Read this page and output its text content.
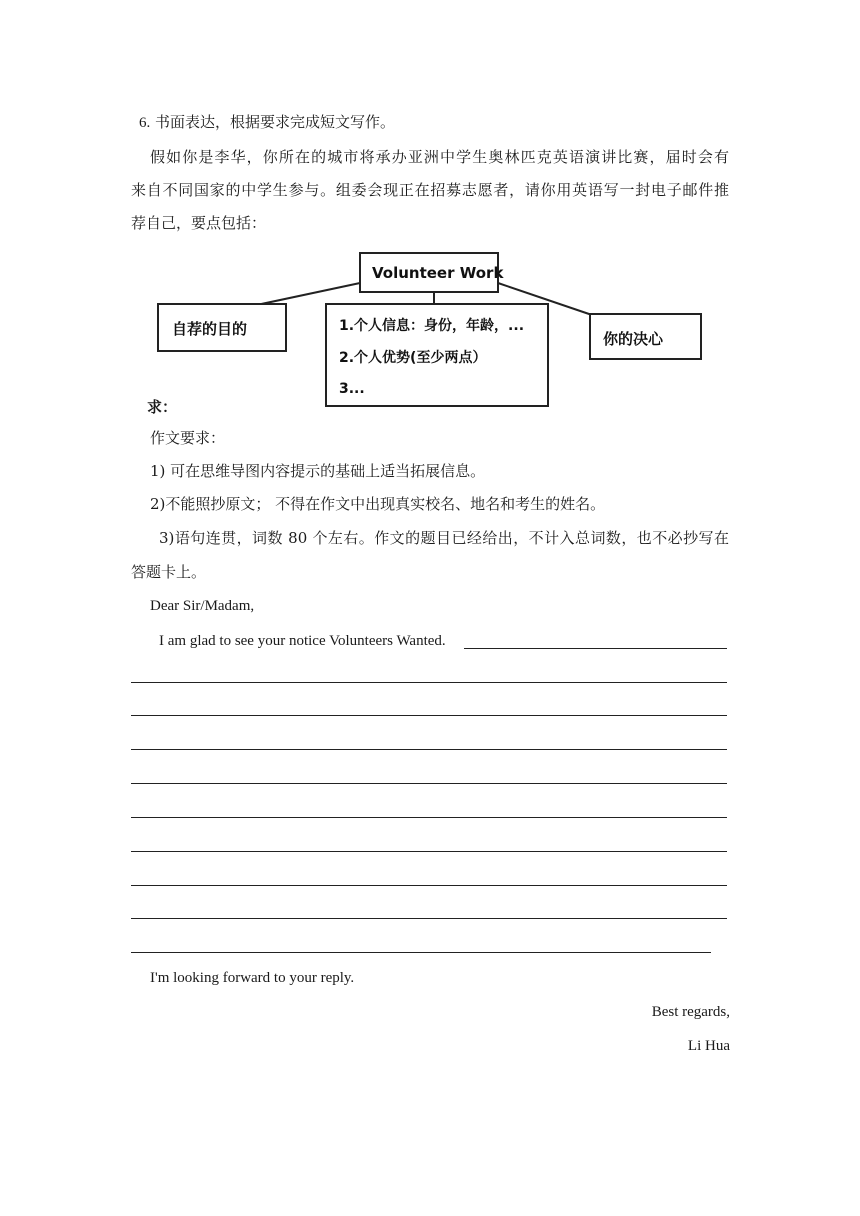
6. 书面表达，根据要求完成短文写作。
假如你是李华，你所在的城市将承办亚洲中学生奥林匹克英语演讲比赛，届时会有
来自不同国家的中学生参与。组委会现正在招募志愿者，请你用英语写一封电子邮件推
荐自己，要点包括：
Volunteer Work
自荐的目的	1.个人信息：身份，年龄，...
2.个人优势(至少两点）
3...
你的决心
求：
作文要求：
1) 可在思维导图内容提示的基础上适当拓展信息。
2)不能照抄原文； 不得在作文中出现真实校名、地名和考生的姓名。
3)语句连贯，词数 80 个左右。作文的题目已经给出，不计入总词数，也不必抄写在
答题卡上。
Dear Sir/Madam,
I am glad to see your notice Volunteers Wanted.
I'm looking forward to your reply.
Best regards,
Li Hua
